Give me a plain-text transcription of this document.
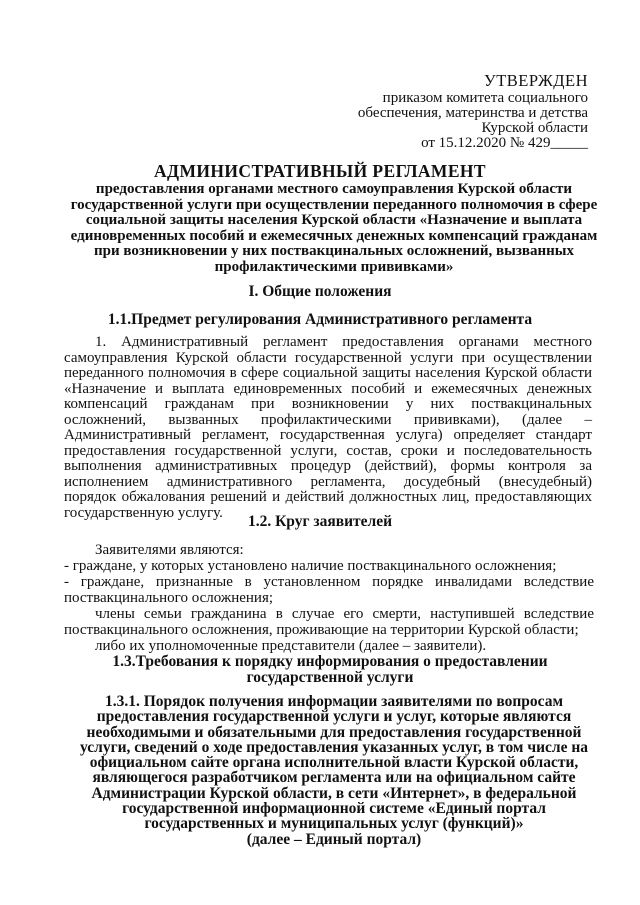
УТВЕРЖДЕН
приказом комитета социального
обеспечения, материнства и детства
Курской области
от 15.12.2020 № 429_____
АДМИНИСТРАТИВНЫЙ РЕГЛАМЕНТ
предоставления органами местного самоуправления Курской области
государственной услуги при осуществлении переданного полномочия в сфере
социальной защиты населения Курской области «Назначение и выплата
единовременных пособий и ежемесячных денежных компенсаций гражданам
при возникновении у них поствакцинальных осложнений, вызванных
профилактическими прививками»
I. Общие положения
1.1.Предмет регулирования Административного регламента
1. Административный регламент предоставления органами местного
самоуправления Курской области государственной услуги при осуществлении
переданного полномочия в сфере социальной защиты населения Курской области
«Назначение и выплата единовременных пособий и ежемесячных денежных
компенсаций гражданам при возникновении у них поствакцинальных
осложнений, вызванных профилактическими прививками), (далее –
Административный регламент, государственная услуга) определяет стандарт
предоставления государственной услуги, состав, сроки и последовательность
выполнения административных процедур (действий), формы контроля за
исполнением административного регламента, досудебный (внесудебный)
порядок обжалования решений и действий должностных лиц, предоставляющих
государственную услугу.
1.2. Круг заявителей
Заявителями являются:
- граждане, у которых установлено наличие поствакцинального осложнения;
- граждане, признанные в установленном порядке инвалидами вследствие
поствакцинального осложнения;
члены семьи гражданина в случае его смерти, наступившей вследствие
поствакцинального осложнения, проживающие на территории Курской области;
либо их уполномоченные представители (далее – заявители).
1.3.Требования к порядку информирования о предоставлении
государственной услуги
1.3.1. Порядок получения информации заявителями по вопросам
предоставления государственной услуги и услуг, которые являются
необходимыми и обязательными для предоставления государственной
услуги, сведений о ходе предоставления указанных услуг, в том числе на
официальном сайте органа исполнительной власти Курской области,
являющегося разработчиком регламента или на официальном сайте
Администрации Курской области, в сети «Интернет», в федеральной
государственной информационной системе «Единый портал
государственных и муниципальных услуг (функций)»
(далее – Единый портал)
